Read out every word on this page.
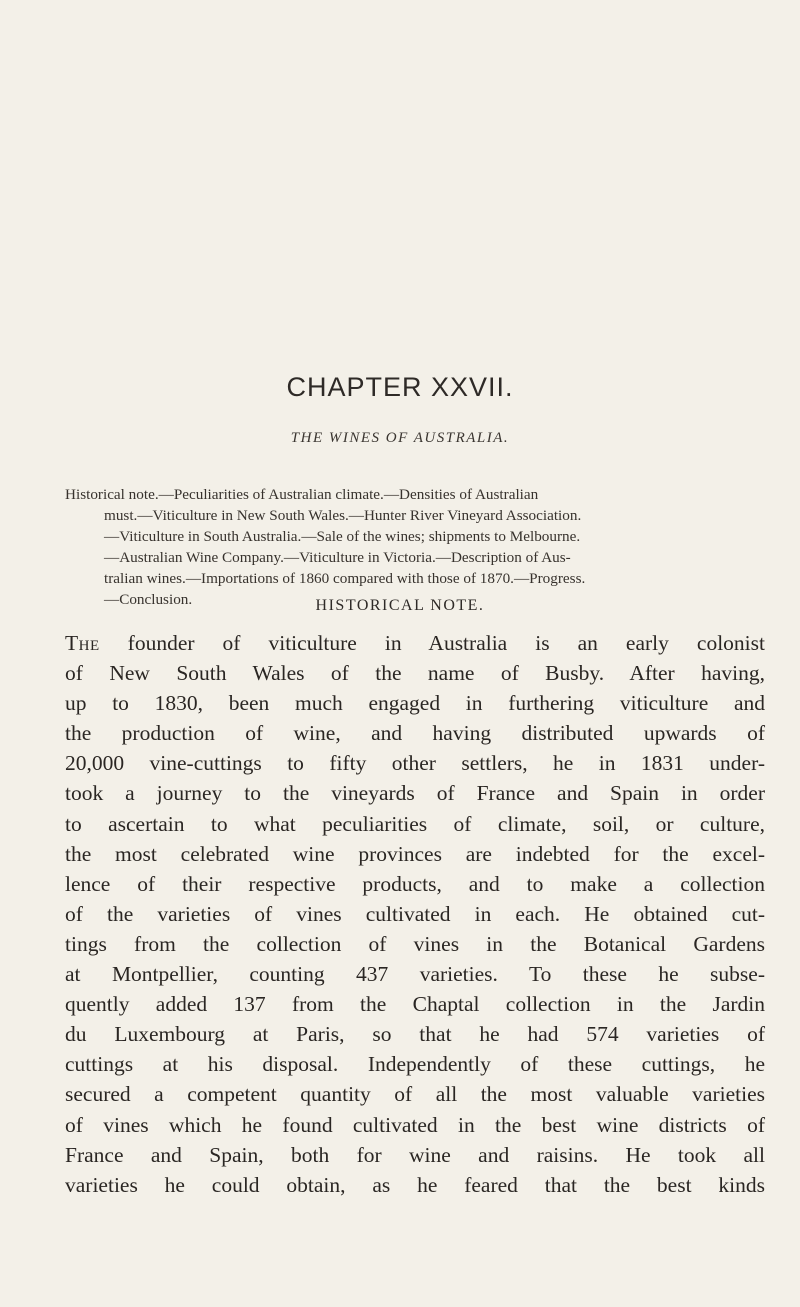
CHAPTER XXVII.
THE WINES OF AUSTRALIA.
Historical note.—Peculiarities of Australian climate.—Densities of Australian
must.—Viticulture in New South Wales.—Hunter River Vineyard Association.
—Viticulture in South Australia.—Sale of the wines; shipments to Melbourne.
—Australian Wine Company.—Viticulture in Victoria.—Description of Aus-
tralian wines.—Importations of 1860 compared with those of 1870.—Progress.
—Conclusion.	HISTORICAL NOTE.
The founder of viticulture in Australia is an early colonist
of New South Wales of the name of Busby. After having,
up to 1830, been much engaged in furthering viticulture and
the production of wine, and having distributed upwards of
20,000 vine-cuttings to fifty other settlers, he in 1831 under-
took a journey to the vineyards of France and Spain in order
to ascertain to what peculiarities of climate, soil, or culture,
the most celebrated wine provinces are indebted for the excel-
lence of their respective products, and to make a collection
of the varieties of vines cultivated in each. He obtained cut-
tings from the collection of vines in the Botanical Gardens
at Montpellier, counting 437 varieties. To these he subse-
quently added 137 from the Chaptal collection in the Jardin
du Luxembourg at Paris, so that he had 574 varieties of
cuttings at his disposal. Independently of these cuttings, he
secured a competent quantity of all the most valuable varieties
of vines which he found cultivated in the best wine districts of
France and Spain, both for wine and raisins. He took all
varieties he could obtain, as he feared that the best kinds
